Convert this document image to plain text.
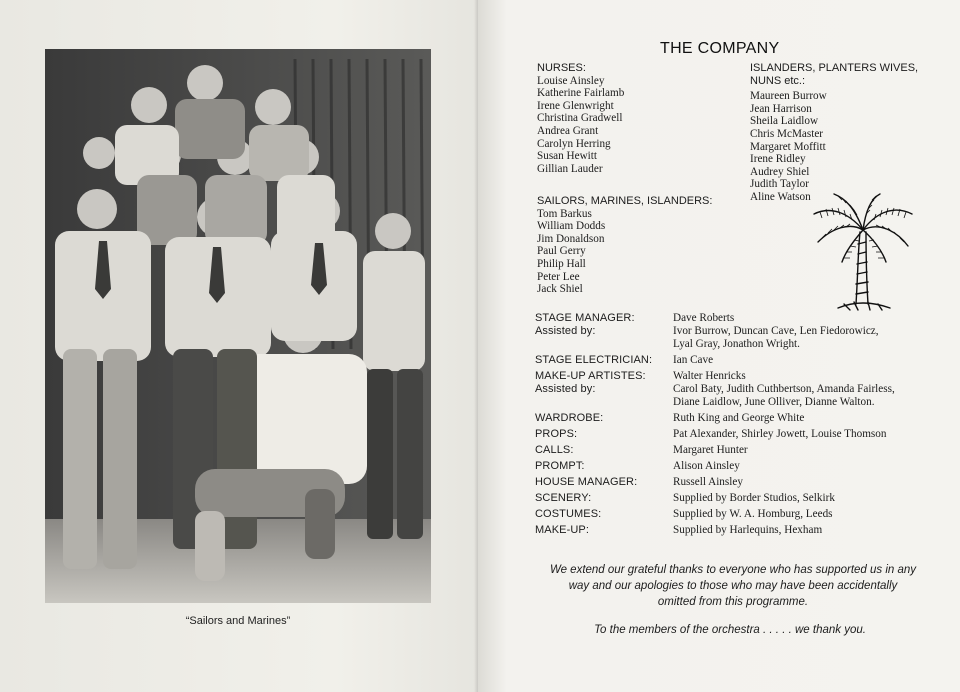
“Sailors and Marines”
THE COMPANY

NURSES:

Louise Ainsley
Katherine Fairlamb
Irene Glenwright
Christina Gradwell
Andrea Grant
Carolyn Herring
Susan Hewitt
Gillian Lauder

ISLANDERS, PLANTERS WIVES,

NUNS etc.:

Maureen Burrow
Jean Harrison
Sheila Laidlow
Chris McMaster
Margaret Moffitt
Irene Ridley
Audrey Shiel
Judith Taylor
Aline Watson

SAILORS, MARINES, ISLANDERS:

Tom Barkus
William Dodds
Jim Donaldson
Paul Gerry
Philip Hall
Peter Lee
Jack Shiel
STAGE MANAGER:	Dave Roberts
Assisted by:	Ivor Burrow, Duncan Cave, Len Fiedorowicz,
Lyal Gray, Jonathon Wright.

STAGE ELECTRICIAN:	Ian Cave
MAKE-UP ARTISTES:	Walter Henricks
Assisted by:	Carol Baty, Judith Cuthbertson, Amanda Fairless,
Diane Laidlow, June Olliver, Dianne Walton.

WARDROBE:	Ruth King and George White
PROPS:	Pat Alexander, Shirley Jowett, Louise Thomson
CALLS:	Margaret Hunter
PROMPT:	Alison Ainsley
HOUSE MANAGER:	Russell Ainsley
SCENERY:	Supplied by Border Studios, Selkirk
COSTUMES:	Supplied by W. A. Homburg, Leeds
MAKE-UP:	Supplied by Harlequins, Hexham
We extend our grateful thanks to everyone who has supported us in any
way and our apologies to those who may have been accidentally
omitted from this programme.

To the members of the orchestra . . . . . we thank you.
